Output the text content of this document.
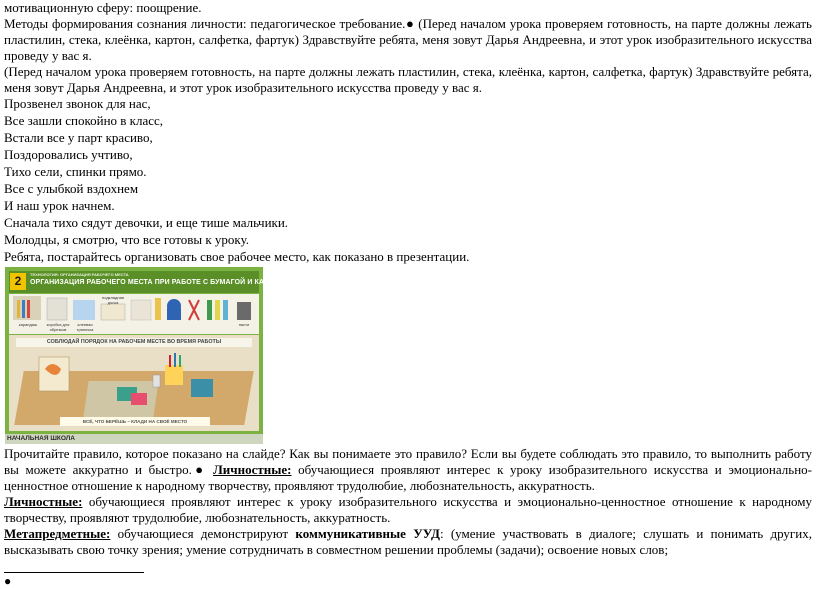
мотивационную сферу: поощрение.

Методы формирования сознания личности: педагогическое требование.● (Перед началом урока проверяем готовность, на парте должны лежать пластилин, стека, клеёнка, картон, салфетка, фартук) Здравствуйте ребята, меня зовут Дарья Андреевна, и этот урок изобразительного искусства проведу у вас я.

(Перед началом урока проверяем готовность, на парте должны лежать пластилин, стека, клеёнка, картон, салфетка, фартук) Здравствуйте ребята, меня зовут Дарья Андреевна, и этот урок изобразительного искусства проведу у вас я.

Прозвенел звонок для нас,

Все зашли спокойно в класс,

Встали все у парт красиво,

Поздоровались учтиво,

Тихо сели, спинки прямо.

Все с улыбкой вздохнем

И наш урок начнем.

Сначала тихо сядут девочки, и еще тише мальчики.

Молодцы, я смотрю, что все готовы к уроку.

Ребята, постарайтесь организовать свое рабочее место, как показано в презентации.

2	ТЕХНОЛОГИЯ: ОРГАНИЗАЦИЯ РАБОЧЕГО МЕСТА
ОРГАНИЗАЦИЯ РАБОЧЕГО МЕСТА ПРИ РАБОТЕ С БУМАГОЙ И КАРТОНОМ
карандаш	коробка для обрезков
клеевая тряпочка
подкладная доска
пасти
СОБЛЮДАЙ ПОРЯДОК НА РАБОЧЕМ МЕСТЕ ВО ВРЕМЯ РАБОТЫ
ВСЁ, ЧТО БЕРЁШЬ – КЛАДИ НА СВОЁ МЕСТО
НАЧАЛЬНАЯ ШКОЛА

Прочитайте правило, которое показано на слайде? Как вы понимаете это правило? Если вы будете соблюдать это правило, то выполнить работу вы можете аккуратно и быстро.● Личностные: обучающиеся проявляют интерес к уроку изобразительного искусства и эмоционально-ценностное отношение к народному творчеству, проявляют трудолюбие, любознательность, аккуратность.

Личностные: обучающиеся проявляют интерес к уроку изобразительного искусства и эмоционально-ценностное отношение к народному творчеству, проявляют трудолюбие, любознательность, аккуратность.

Метапредметные: обучающиеся демонстрируют коммуникативные УУД: (умение участвовать в диалоге; слушать и понимать других, высказывать свою точку зрения; умение сотрудничать в совместном решении проблемы (задачи); освоение новых слов;

●
